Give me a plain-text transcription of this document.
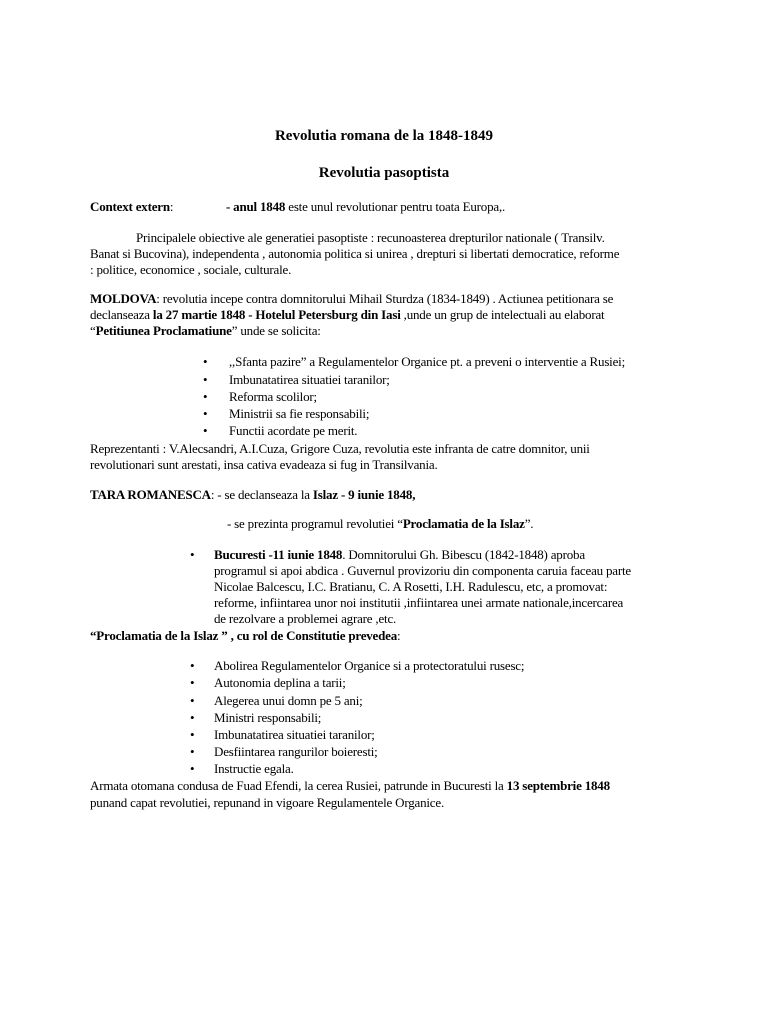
Revolutia romana de la 1848-1849
Revolutia pasoptista
Context extern:	- anul 1848 este unul revolutionar pentru toata Europa,.
Principalele obiective ale generatiei pasoptiste : recunoasterea drepturilor nationale ( Transilv.
Banat si Bucovina), independenta , autonomia politica si unirea , drepturi si libertati democratice, reforme
: politice, economice , sociale, culturale.
MOLDOVA: revolutia incepe contra domnitorului Mihail Sturdza (1834-1849) . Actiunea petitionara se
declanseaza la 27 martie 1848 - Hotelul Petersburg din Iasi ,unde un grup de intelectuali au elaborat
“Petitiunea Proclamatiune” unde se solicita:
• ,,Sfanta pazire” a Regulamentelor Organice pt. a preveni o interventie a Rusiei;
• Imbunatatirea situatiei taranilor;
• Reforma scolilor;
• Ministrii sa fie responsabili;
• Functii acordate pe merit.
Reprezentanti : V.Alecsandri, A.I.Cuza, Grigore Cuza, revolutia este infranta de catre domnitor, unii
revolutionari sunt arestati, insa cativa evadeaza si fug in Transilvania.
TARA ROMANESCA: - se declanseaza la Islaz - 9 iunie 1848,
- se prezinta programul revolutiei “Proclamatia de la Islaz”.
• Bucuresti -11 iunie 1848. Domnitorului Gh. Bibescu (1842-1848) aproba
programul si apoi abdica . Guvernul provizoriu din componenta caruia faceau parte
Nicolae Balcescu, I.C. Bratianu, C. A Rosetti, I.H. Radulescu, etc, a promovat:
reforme, infiintarea unor noi institutii ,infiintarea unei armate nationale,incercarea
de rezolvare a problemei agrare ,etc.
“Proclamatia de la Islaz ” , cu rol de Constitutie prevedea:
• Abolirea Regulamentelor Organice si a protectoratului rusesc;
• Autonomia deplina a tarii;
• Alegerea unui domn pe 5 ani;
• Ministri responsabili;
• Imbunatatirea situatiei taranilor;
• Desfiintarea rangurilor boieresti;
• Instructie egala.
Armata otomana condusa de Fuad Efendi, la cerea Rusiei, patrunde in Bucuresti la 13 septembrie 1848
punand capat revolutiei, repunand in vigoare Regulamentele Organice.
